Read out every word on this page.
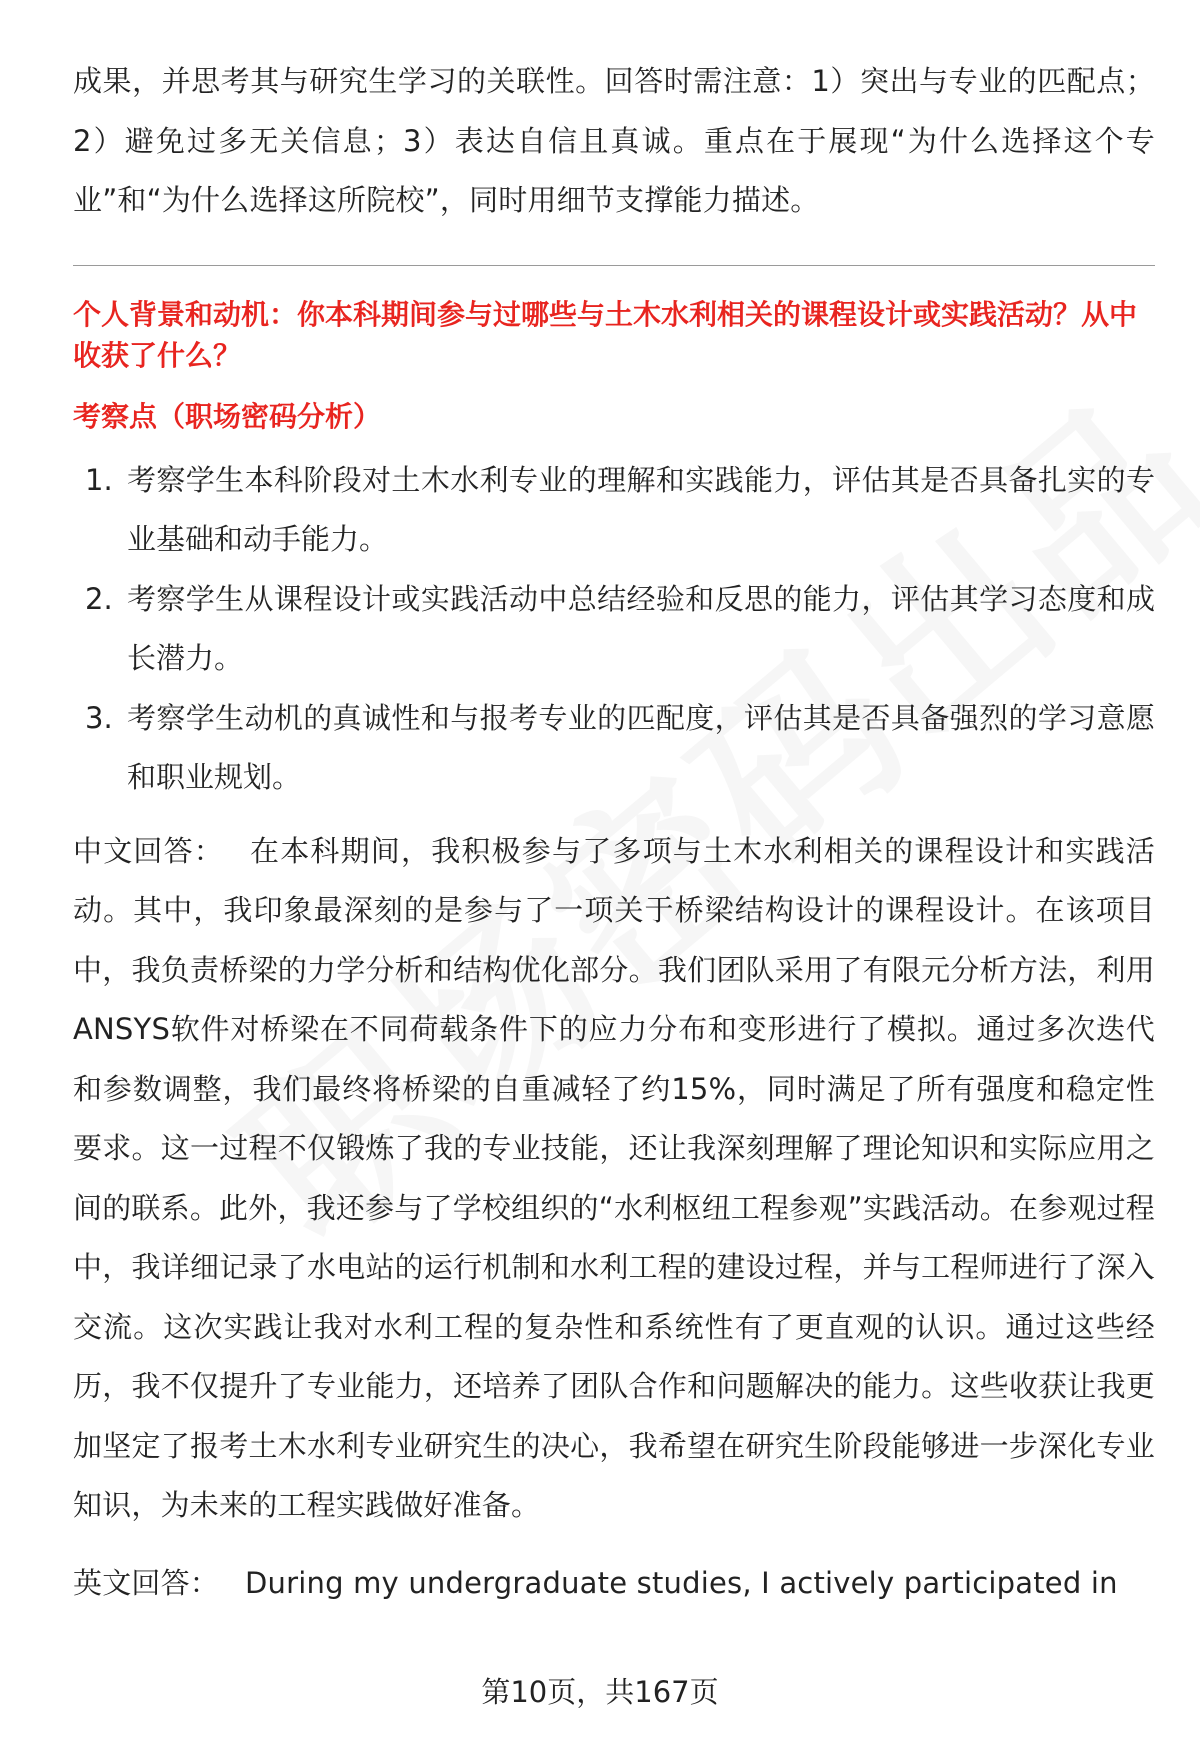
成果，并思考其与研究生学习的关联性。回答时需注意：1）突出与专业的匹配点；2）避免过多无关信息；3）表达自信且真诚。重点在于展现“为什么选择这个专业”和“为什么选择这所院校”，同时用细节支撑能力描述。

个人背景和动机：你本科期间参与过哪些与土木水利相关的课程设计或实践活动？从中收获了什么？
考察点（职场密码分析）
1. 考察学生本科阶段对土木水利专业的理解和实践能力，评估其是否具备扎实的专业基础和动手能力。
2. 考察学生从课程设计或实践活动中总结经验和反思的能力，评估其学习态度和成长潜力。
3. 考察学生动机的真诚性和与报考专业的匹配度，评估其是否具备强烈的学习意愿和职业规划。

中文回答： 在本科期间，我积极参与了多项与土木水利相关的课程设计和实践活动。其中，我印象最深刻的是参与了一项关于桥梁结构设计的课程设计。在该项目中，我负责桥梁的力学分析和结构优化部分。我们团队采用了有限元分析方法，利用ANSYS软件对桥梁在不同荷载条件下的应力分布和变形进行了模拟。通过多次迭代和参数调整，我们最终将桥梁的自重减轻了约15%，同时满足了所有强度和稳定性要求。这一过程不仅锻炼了我的专业技能，还让我深刻理解了理论知识和实际应用之间的联系。此外，我还参与了学校组织的“水利枢纽工程参观”实践活动。在参观过程中，我详细记录了水电站的运行机制和水利工程的建设过程，并与工程师进行了深入交流。这次实践让我对水利工程的复杂性和系统性有了更直观的认识。通过这些经历，我不仅提升了专业能力，还培养了团队合作和问题解决的能力。这些收获让我更加坚定了报考土木水利专业研究生的决心，我希望在研究生阶段能够进一步深化专业知识，为未来的工程实践做好准备。

英文回答： During my undergraduate studies, I actively participated in

第10页，共167页
